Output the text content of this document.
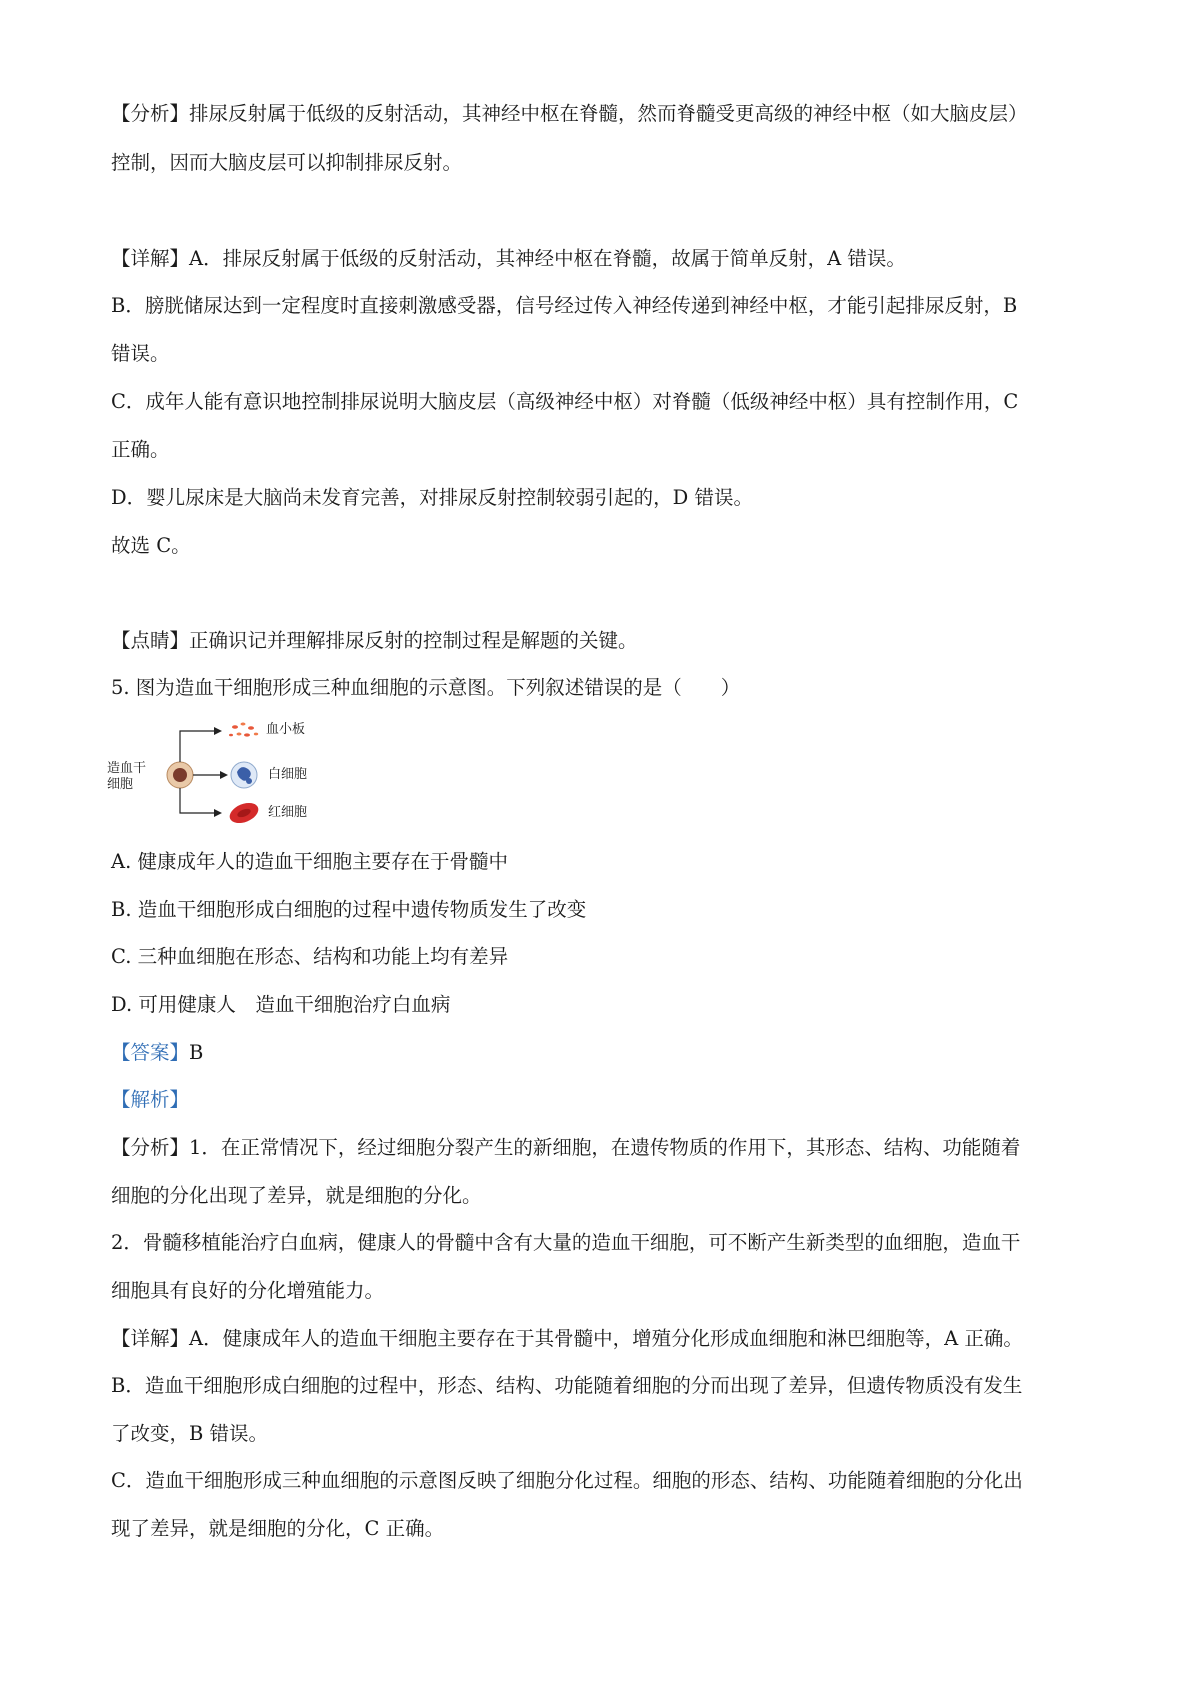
【分析】排尿反射属于低级的反射活动，其神经中枢在脊髓，然而脊髓受更高级的神经中枢（如大脑皮层）
控制，因而大脑皮层可以抑制排尿反射。
【详解】A．排尿反射属于低级的反射活动，其神经中枢在脊髓，故属于简单反射，A 错误。
B．膀胱储尿达到一定程度时直接刺激感受器，信号经过传入神经传递到神经中枢，才能引起排尿反射，B
错误。
C．成年人能有意识地控制排尿说明大脑皮层（高级神经中枢）对脊髓（低级神经中枢）具有控制作用，C
正确。
D．婴儿尿床是大脑尚未发育完善，对排尿反射控制较弱引起的，D 错误。
故选 C。
【点睛】正确识记并理解排尿反射的控制过程是解题的关键。
5. 图为造血干细胞形成三种血细胞的示意图。下列叙述错误的是（　　）
造血干
细胞
血小板
白细胞
红细胞
A. 健康成年人的造血干细胞主要存在于骨髓中
B. 造血干细胞形成白细胞的过程中遗传物质发生了改变
C. 三种血细胞在形态、结构和功能上均有差异
D. 可用健康人　造血干细胞治疗白血病
【答案】B
【解析】
【分析】1．在正常情况下，经过细胞分裂产生的新细胞，在遗传物质的作用下，其形态、结构、功能随着
细胞的分化出现了差异，就是细胞的分化。
2．骨髓移植能治疗白血病，健康人的骨髓中含有大量的造血干细胞，可不断产生新类型的血细胞，造血干
细胞具有良好的分化增殖能力。
【详解】A．健康成年人的造血干细胞主要存在于其骨髓中，增殖分化形成血细胞和淋巴细胞等，A 正确。
B．造血干细胞形成白细胞的过程中，形态、结构、功能随着细胞的分而出现了差异，但遗传物质没有发生
了改变，B 错误。
C．造血干细胞形成三种血细胞的示意图反映了细胞分化过程。细胞的形态、结构、功能随着细胞的分化出
现了差异，就是细胞的分化，C 正确。
